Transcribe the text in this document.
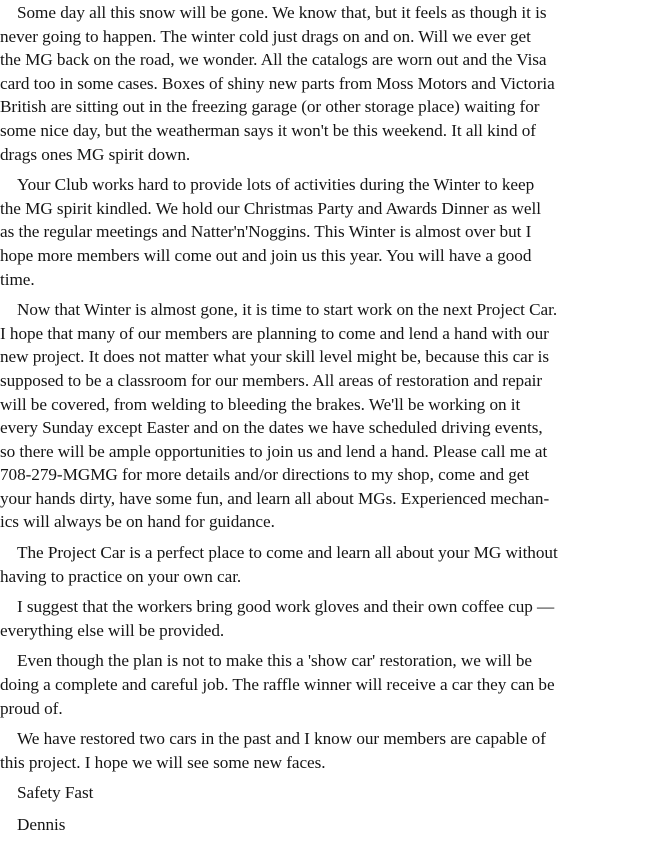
Some day all this snow will be gone. We know that, but it feels as though it is
never going to happen. The winter cold just drags on and on. Will we ever get
the MG back on the road, we wonder. All the catalogs are worn out and the Visa
card too in some cases. Boxes of shiny new parts from Moss Motors and Victoria
British are sitting out in the freezing garage (or other storage place) waiting for
some nice day, but the weatherman says it won't be this weekend. It all kind of
drags ones MG spirit down.

Your Club works hard to provide lots of activities during the Winter to keep
the MG spirit kindled. We hold our Christmas Party and Awards Dinner as well
as the regular meetings and Natter'n'Noggins. This Winter is almost over but I
hope more members will come out and join us this year. You will have a good
time.

Now that Winter is almost gone, it is time to start work on the next Project Car.
I hope that many of our members are planning to come and lend a hand with our
new project. It does not matter what your skill level might be, because this car is
supposed to be a classroom for our members. All areas of restoration and repair
will be covered, from welding to bleeding the brakes. We'll be working on it
every Sunday except Easter and on the dates we have scheduled driving events,
so there will be ample opportunities to join us and lend a hand. Please call me at
708-279-MGMG for more details and/or directions to my shop, come and get
your hands dirty, have some fun, and learn all about MGs. Experienced mechan-
ics will always be on hand for guidance.

The Project Car is a perfect place to come and learn all about your MG without
having to practice on your own car.

I suggest that the workers bring good work gloves and their own coffee cup —
everything else will be provided.

Even though the plan is not to make this a 'show car' restoration, we will be
doing a complete and careful job. The raffle winner will receive a car they can be
proud of.

We have restored two cars in the past and I know our members are capable of
this project. I hope we will see some new faces.

Safety Fast
Dennis
